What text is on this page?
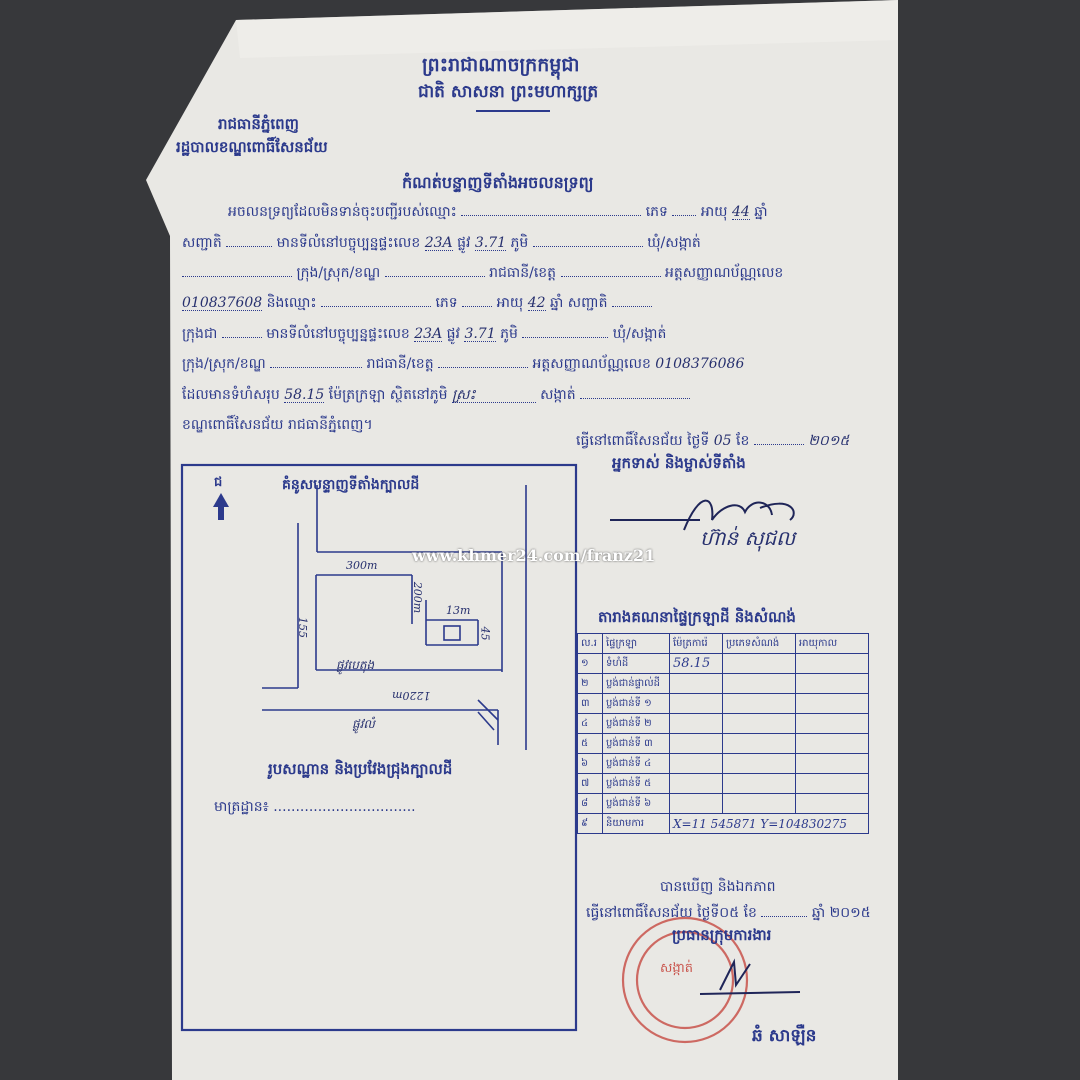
ព្រះរាជាណាចក្រកម្ពុជា
ជាតិ សាសនា ព្រះមហាក្សត្រ
រាជធានីភ្នំពេញ
រដ្ឋបាលខណ្ឌពោធិ៍សែនជ័យ
កំណត់បន្ទាញទីតាំងអចលនទ្រព្យ
អចលនទ្រព្យដែលមិនទាន់ចុះបញ្ជីរបស់ឈ្មោះ	ភេទ អាយុ 44 ឆ្នាំ
សញ្ជាតិ	មានទីលំនៅបច្ចុប្បន្នផ្ទះលេខ 23A ផ្លូវ 3.71 ភូមិ	ឃុំ/សង្កាត់
ក្រុង/ស្រុក/ខណ្ឌ	រាជធានី/ខេត្ត	អត្តសញ្ញាណប័ណ្ណលេខ
010837608 និងឈ្មោះ	ភេទ	អាយុ 42 ឆ្នាំ សញ្ជាតិ
ក្រុងជា	មានទីលំនៅបច្ចុប្បន្នផ្ទះលេខ 23A ផ្លូវ 3.71 ភូមិ	ឃុំ/សង្កាត់
ក្រុង/ស្រុក/ខណ្ឌ	រាជធានី/ខេត្ត	អត្តសញ្ញាណប័ណ្ណលេខ 0108376086
ដែលមានទំហំសរុប 58.15 ម៉ែត្រក្រឡា ស្ថិតនៅភូមិ ស្រះ	សង្កាត់
ខណ្ឌពោធិ៍សែនជ័យ រាជធានីភ្នំពេញ។
ធ្វើនៅពោធិ៍សែនជ័យ ថ្ងៃទី 05 ខែ	២០១៥
អ្នកទាស់ និងម្ចាស់ទីតាំង
ហ៊ាន់ សុជល
គំនូសបន្ទាញទីតាំងក្បាលដី
ជ
300m
200m
155
13m
45
1220m
ផ្លូវបេតុង
ផ្លូវលំ
រូបសណ្ឋាន និងប្រវែងជ្រុងក្បាលដី
មាត្រដ្ឋាន៖ ................................
www.khmer24.com/franz21
តារាងគណនាផ្ទៃក្រឡាដី និងសំណង់
ល.រ	ផ្ទៃក្រឡា	ម៉ែត្រការ៉េ	ប្រភេទសំណង់	អាយុកាល
១	ទំហំដី	58.15		
២	ប្លង់ជាន់ផ្ទាល់ដី			
៣	ប្លង់ជាន់ទី ១			
៤	ប្លង់ជាន់ទី ២			
៥	ប្លង់ជាន់ទី ៣			
៦	ប្លង់ជាន់ទី ៤			
៧	ប្លង់ជាន់ទី ៥			
៨	ប្លង់ជាន់ទី ៦			
៩	និយាមការ	X=11 545871 Y=104830275		
បានឃើញ និងឯកភាព
ធ្វើនៅពោធិ៍សែនជ័យ ថ្ងៃទី០៥ ខែ	ឆ្នាំ ២០១៥
ប្រធានក្រុមការងារ
សង្កាត់
ឆំ សាឡឺន
